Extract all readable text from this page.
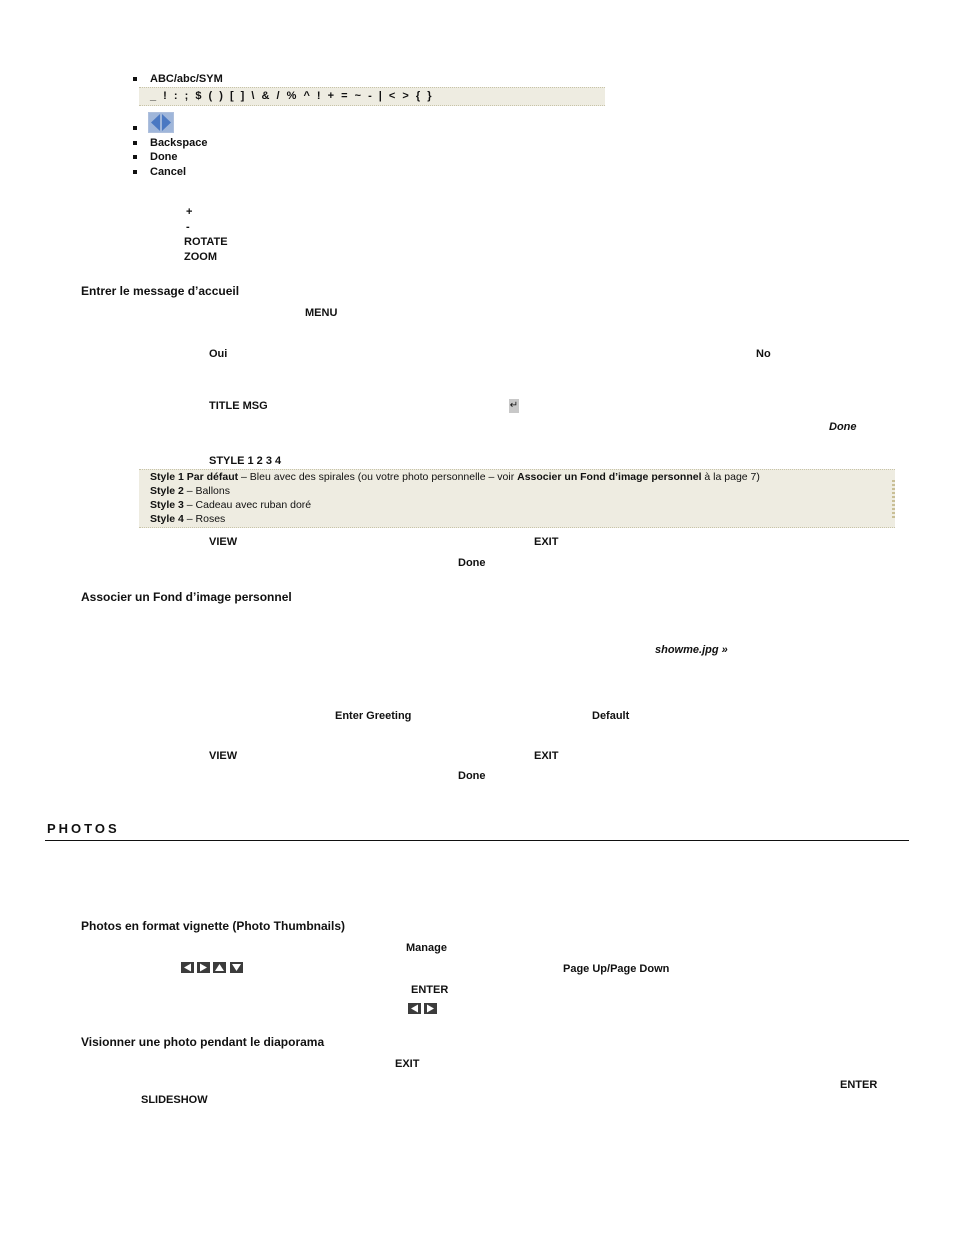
ABC/abc/SYM
_ ! : ; $ ( ) [ ] \ & / % ^ ! + = ~ - | < > { }
Backspace
Done
Cancel
+
-
ROTATE
ZOOM
Entrer le message d’accueil
MENU
Oui	No
TITLE MSG	↵
Done
STYLE 1 2 3 4
Style 1 Par défaut – Bleu avec des spirales (ou votre photo personnelle – voir Associer un Fond d’image personnel à la page 7)
Style 2 – Ballons
Style 3 – Cadeau avec ruban doré
Style 4 – Roses
VIEW	EXIT
Done
Associer un Fond d’image personnel
showme.jpg »
Enter Greeting	Default
VIEW	EXIT
Done
PHOTOS
Photos en format vignette (Photo Thumbnails)
Manage
Page Up/Page Down
ENTER
Visionner une photo pendant le diaporama
EXIT
ENTER
SLIDESHOW
